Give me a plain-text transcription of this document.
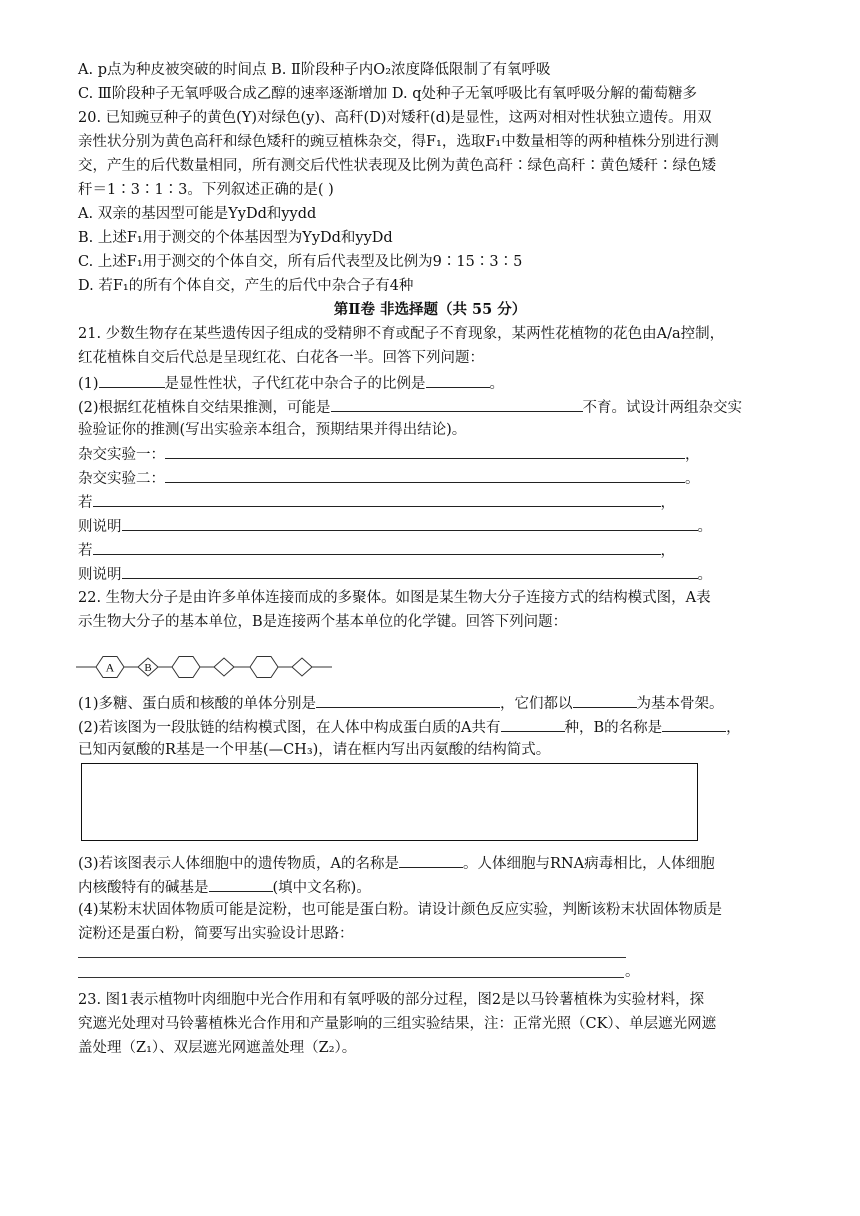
A. p点为种皮被突破的时间点 B. Ⅱ阶段种子内O₂浓度降低限制了有氧呼吸
C. Ⅲ阶段种子无氧呼吸合成乙醇的速率逐渐增加 D. q处种子无氧呼吸比有氧呼吸分解的葡萄糖多
20. 已知豌豆种子的黄色(Y)对绿色(y)、高秆(D)对矮秆(d)是显性，这两对相对性状独立遗传。用双
亲性状分别为黄色高秆和绿色矮秆的豌豆植株杂交，得F₁，选取F₁中数量相等的两种植株分别进行测
交，产生的后代数量相同，所有测交后代性状表现及比例为黄色高秆∶绿色高秆∶黄色矮秆∶绿色矮
秆＝1∶3∶1∶3。下列叙述正确的是( )
A. 双亲的基因型可能是YyDd和yydd
B. 上述F₁用于测交的个体基因型为YyDd和yyDd
C. 上述F₁用于测交的个体自交，所有后代表型及比例为9∶15∶3∶5
D. 若F₁的所有个体自交，产生的后代中杂合子有4种
第Ⅱ卷 非选择题（共 55 分）
21. 少数生物存在某些遗传因子组成的受精卵不育或配子不育现象，某两性花植物的花色由A/a控制，
红花植株自交后代总是呈现红花、白花各一半。回答下列问题：
(1)	是显性性状，子代红花中杂合子的比例是	。
(2)根据红花植株自交结果推测，可能是	不育。试设计两组杂交实
验验证你的推测(写出实验亲本组合，预期结果并得出结论)。
杂交实验一：	，
杂交实验二：	。
若	，
则说明	。
若	，
则说明	。
22. 生物大分子是由许多单体连接而成的多聚体。如图是某生物大分子连接方式的结构模式图，A表
示生物大分子的基本单位，B是连接两个基本单位的化学键。回答下列问题：
A	B
(1)多糖、蛋白质和核酸的单体分别是	，它们都以	为基本骨架。
(2)若该图为一段肽链的结构模式图，在人体中构成蛋白质的A共有	种，B的名称是	，
已知丙氨酸的R基是一个甲基(—CH₃)，请在框内写出丙氨酸的结构简式。
(3)若该图表示人体细胞中的遗传物质，A的名称是	。人体细胞与RNA病毒相比，人体细胞
内核酸特有的碱基是	(填中文名称)。
(4)某粉末状固体物质可能是淀粉，也可能是蛋白粉。请设计颜色反应实验，判断该粉末状固体物质是
淀粉还是蛋白粉，简要写出实验设计思路：
。
23. 图1表示植物叶肉细胞中光合作用和有氧呼吸的部分过程，图2是以马铃薯植株为实验材料，探
究遮光处理对马铃薯植株光合作用和产量影响的三组实验结果，注：正常光照（CK）、单层遮光网遮
盖处理（Z₁）、双层遮光网遮盖处理（Z₂）。
